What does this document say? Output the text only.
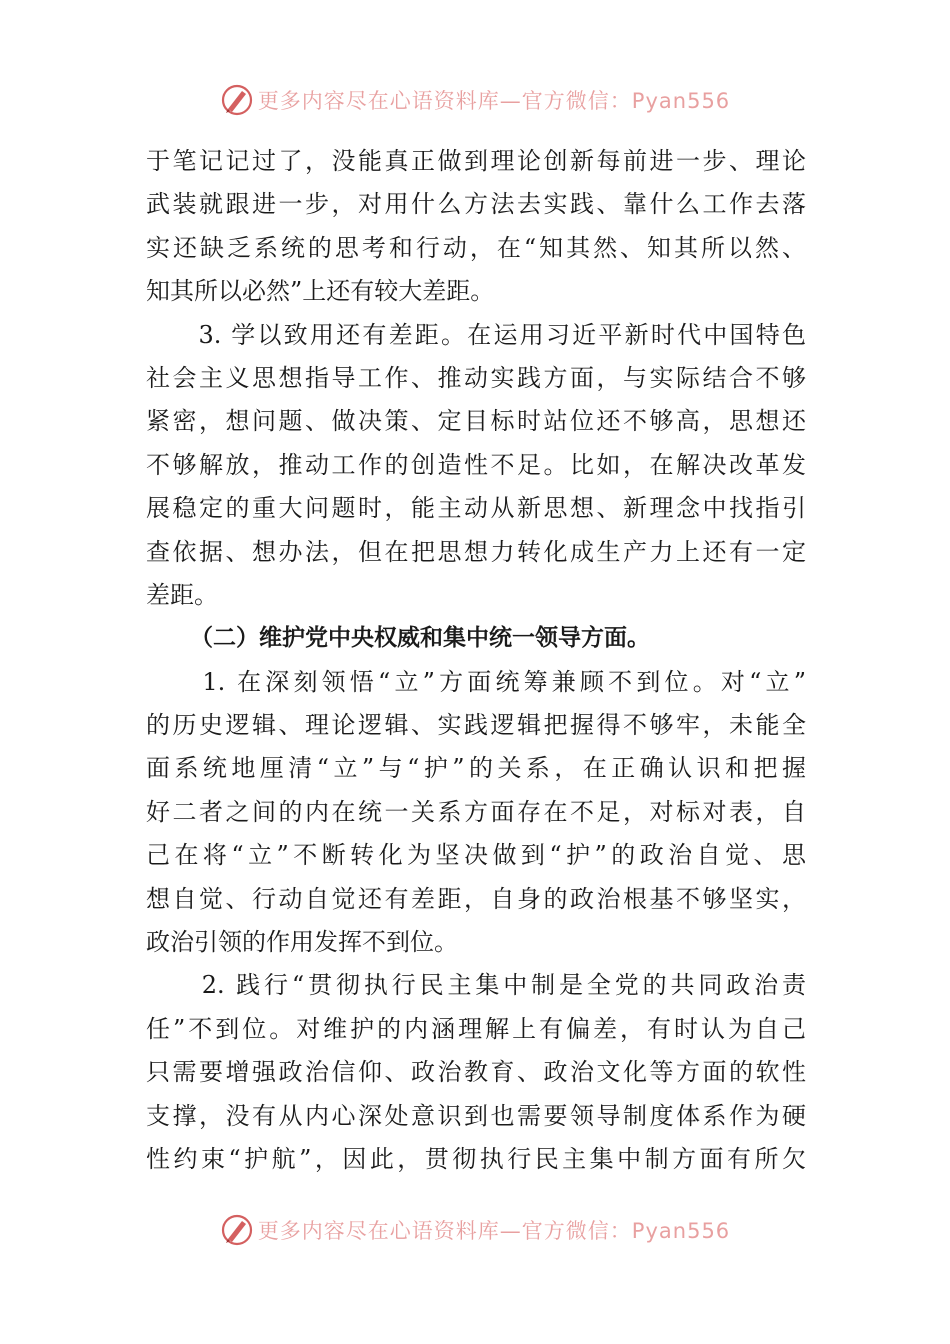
更多内容尽在心语资料库—官方微信：Pyan556
于笔记记过了，没能真正做到理论创新每前进一步、理论
武装就跟进一步，对用什么方法去实践、靠什么工作去落
实还缺乏系统的思考和行动，在“知其然、知其所以然、
知其所以必然”上还有较大差距。
　　3. 学以致用还有差距。在运用习近平新时代中国特色
社会主义思想指导工作、推动实践方面，与实际结合不够
紧密，想问题、做决策、定目标时站位还不够高，思想还
不够解放，推动工作的创造性不足。比如，在解决改革发
展稳定的重大问题时，能主动从新思想、新理念中找指引
查依据、想办法，但在把思想力转化成生产力上还有一定
差距。
（二）维护党中央权威和集中统一领导方面。
　　1. 在深刻领悟“立”方面统筹兼顾不到位。对“立”
的历史逻辑、理论逻辑、实践逻辑把握得不够牢，未能全
面系统地厘清“立”与“护”的关系，在正确认识和把握
好二者之间的内在统一关系方面存在不足，对标对表，自
己在将“立”不断转化为坚决做到“护”的政治自觉、思
想自觉、行动自觉还有差距，自身的政治根基不够坚实，
政治引领的作用发挥不到位。
　　2. 践行“贯彻执行民主集中制是全党的共同政治责
任”不到位。对维护的内涵理解上有偏差，有时认为自己
只需要增强政治信仰、政治教育、政治文化等方面的软性
支撑，没有从内心深处意识到也需要领导制度体系作为硬
性约束“护航”，因此，贯彻执行民主集中制方面有所欠
更多内容尽在心语资料库—官方微信：Pyan556
